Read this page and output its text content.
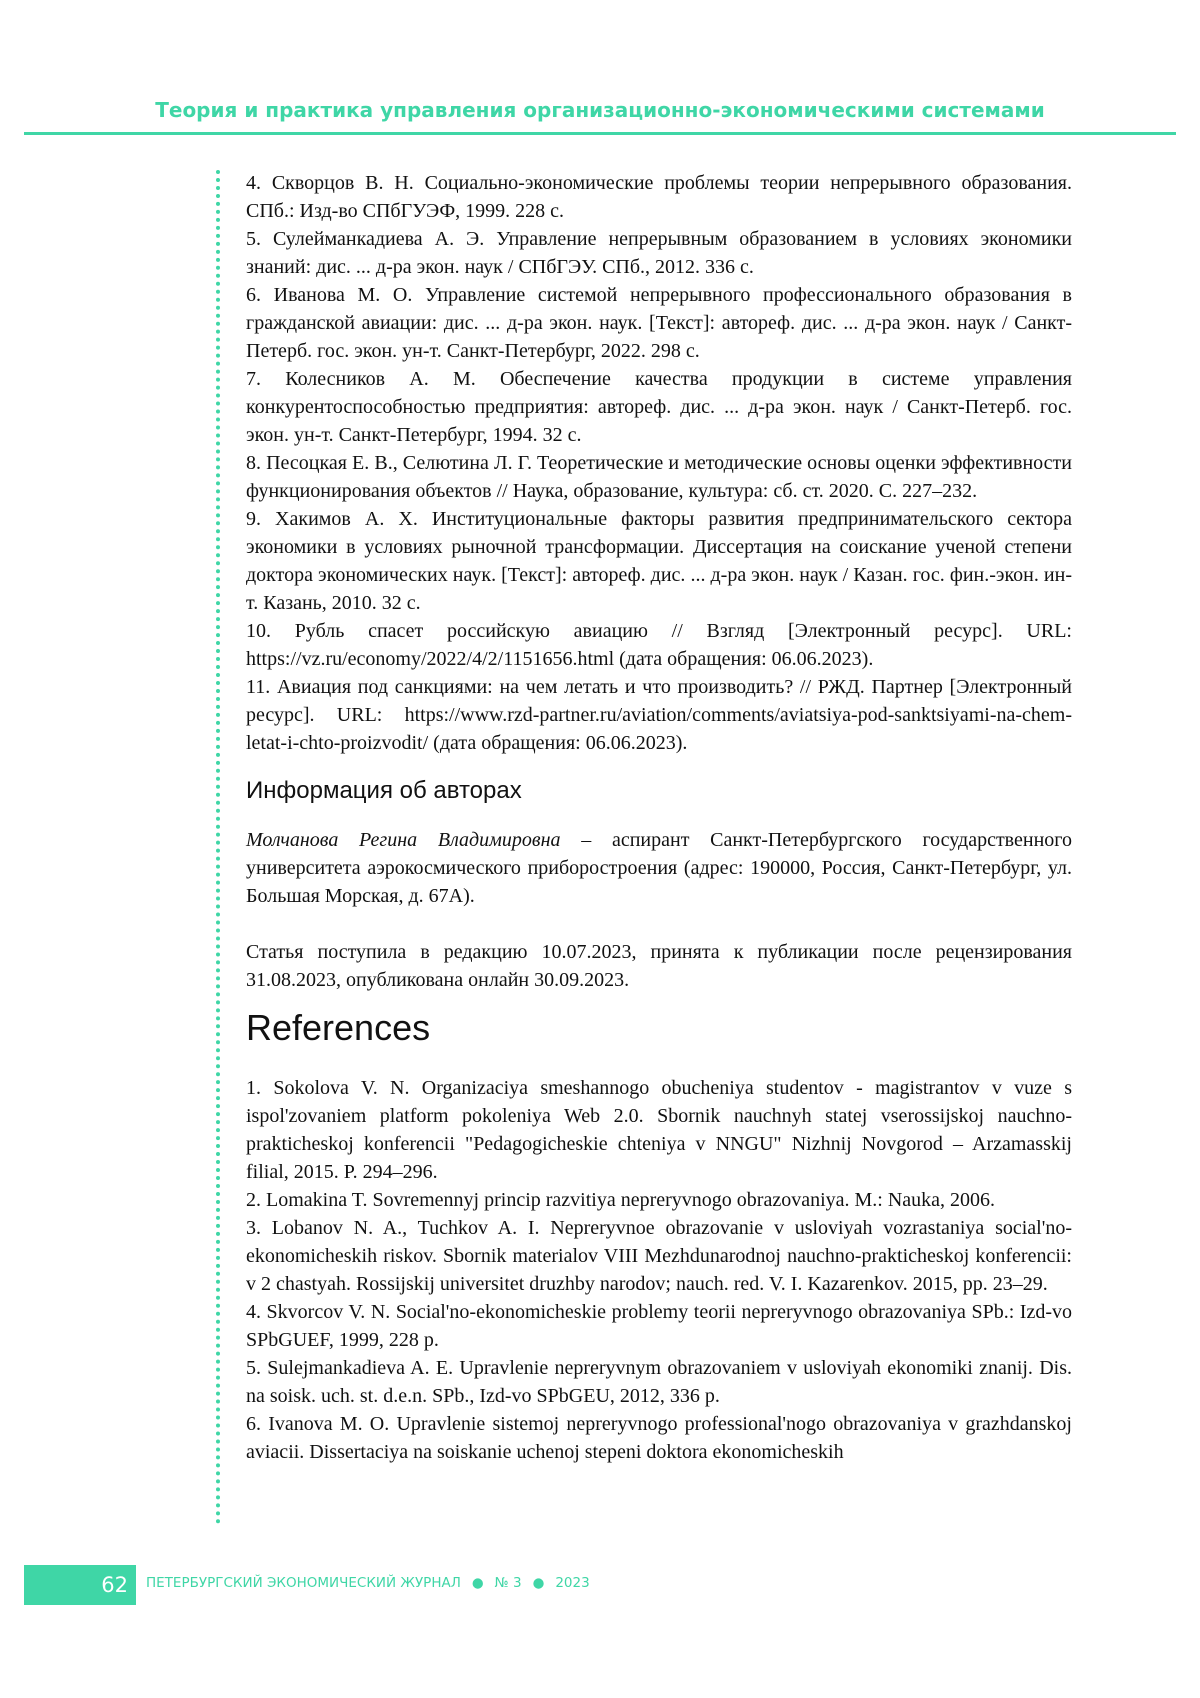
Теория и практика управления организационно-экономическими системами

4. Скворцов В. Н. Социально-экономические проблемы теории непрерывного образования. СПб.: Изд-во СПбГУЭФ, 1999. 228 с.

5. Сулейманкадиева А. Э. Управление непрерывным образованием в условиях экономики знаний: дис. ... д-ра экон. наук / СПбГЭУ. СПб., 2012. 336 с.

6. Иванова М. О. Управление системой непрерывного профессионального образования в гражданской авиации: дис. ... д-ра экон. наук. [Текст]: автореф. дис. ... д-ра экон. наук / Санкт-Петерб. гос. экон. ун-т. Санкт-Петербург, 2022. 298 с.

7. Колесников А. М. Обеспечение качества продукции в системе управления конкурентоспособностью предприятия: автореф. дис. ... д-ра экон. наук / Санкт-Петерб. гос. экон. ун-т. Санкт-Петербург, 1994. 32 с.

8. Песоцкая Е. В., Селютина Л. Г. Теоретические и методические основы оценки эффективности функционирования объектов // Наука, образование, культура: сб. ст. 2020. С. 227–232.

9. Хакимов А. Х. Институциональные факторы развития предпринимательского сектора экономики в условиях рыночной трансформации. Диссертация на соискание ученой степени доктора экономических наук. [Текст]: автореф. дис. ... д-ра экон. наук / Казан. гос. фин.-экон. ин-т. Казань, 2010. 32 с.

10. Рубль спасет российскую авиацию // Взгляд [Электронный ресурс]. URL: https://vz.ru/economy/2022/4/2/1151656.html (дата обращения: 06.06.2023).

11. Авиация под санкциями: на чем летать и что производить? // РЖД. Партнер [Электронный ресурс]. URL: https://www.rzd-partner.ru/aviation/comments/aviatsiya-pod-sanktsiyami-na-chem-letat-i-chto-proizvodit/ (дата обращения: 06.06.2023).

Информация об авторах

Молчанова Регина Владимировна – аспирант Санкт-Петербургского государственного университета аэрокосмического приборостроения (адрес: 190000, Россия, Санкт-Петербург, ул. Большая Морская, д. 67А).

Статья поступила в редакцию 10.07.2023, принята к публикации после рецензирования 31.08.2023, опубликована онлайн 30.09.2023.

References

1. Sokolova V. N. Organizaciya smeshannogo obucheniya studentov - magistrantov v vuze s ispol'zovaniem platform pokoleniya Web 2.0. Sbornik nauchnyh statej vserossijskoj nauchno-prakticheskoj konferencii "Pedagogicheskie chteniya v NNGU" Nizhnij Novgorod – Arzamasskij filial, 2015. P. 294–296.

2. Lomakina T. Sovremennyj princip razvitiya nepreryvnogo obrazovaniya. M.: Nauka, 2006.

3. Lobanov N. A., Tuchkov A. I. Nepreryvnoe obrazovanie v usloviyah vozrastaniya social'no-ekonomicheskih riskov. Sbornik materialov VIII Mezhdunarodnoj nauchno-prakticheskoj konferencii: v 2 chastyah. Rossijskij universitet druzhby narodov; nauch. red. V. I. Kazarenkov. 2015, pp. 23–29.

4. Skvorcov V. N. Social'no-ekonomicheskie problemy teorii nepreryvnogo obrazovaniya SPb.: Izd-vo SPbGUEF, 1999, 228 p.

5. Sulejmankadieva A. E. Upravlenie nepreryvnym obrazovaniem v usloviyah ekonomiki znanij. Dis. na soisk. uch. st. d.e.n. SPb., Izd-vo SPbGEU, 2012, 336 p.

6. Ivanova M. O. Upravlenie sistemoj nepreryvnogo professional'nogo obrazovaniya v grazhdanskoj aviacii. Dissertaciya na soiskanie uchenoj stepeni doktora ekonomicheskih

62	ПЕТЕРБУРГСКИЙ ЭКОНОМИЧЕСКИЙ ЖУРНАЛ ● № 3 ● 2023
